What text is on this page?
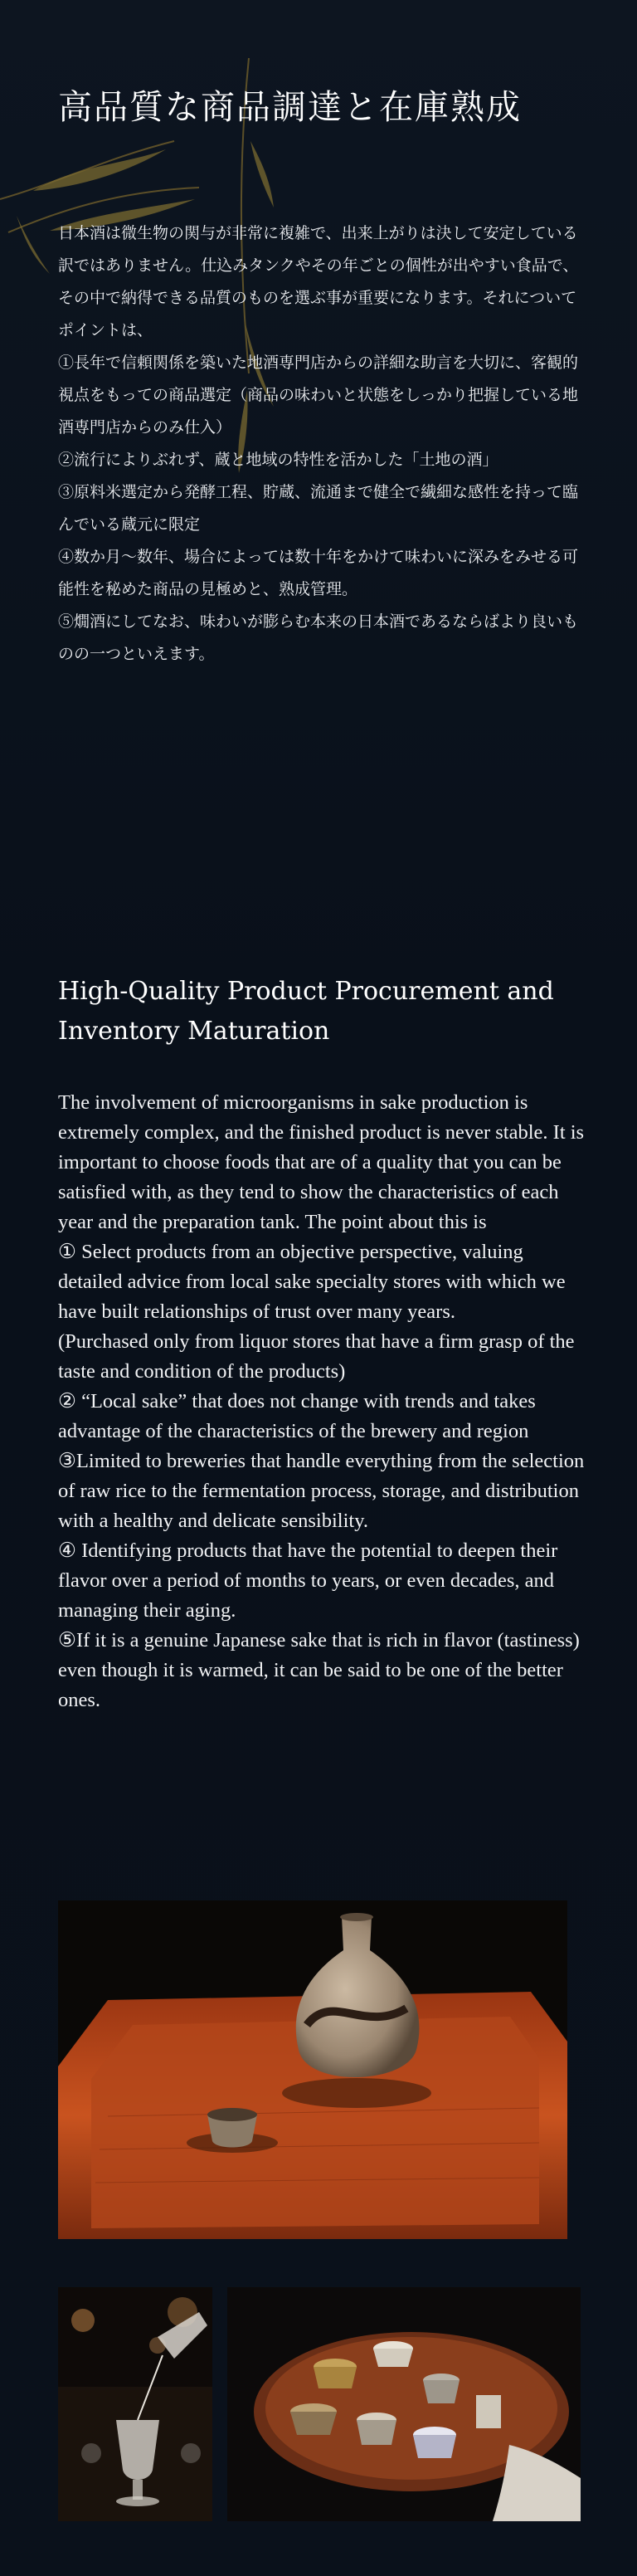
高品質な商品調達と在庫熟成

日本酒は微生物の関与が非常に複雑で、出来上がりは決して安定している訳ではありません。仕込みタンクやその年ごとの個性が出やすい食品で、その中で納得できる品質のものを選ぶ事が重要になります。それについてポイントは、

①長年で信頼関係を築いた地酒専門店からの詳細な助言を大切に、客観的視点をもっての商品選定（商品の味わいと状態をしっかり把握している地酒専門店からのみ仕入）

②流行によりぶれず、蔵と地域の特性を活かした「土地の酒」

③原料米選定から発酵工程、貯蔵、流通まで健全で繊細な感性を持って臨んでいる蔵元に限定

④数か月～数年、場合によっては数十年をかけて味わいに深みをみせる可能性を秘めた商品の見極めと、熟成管理。

⑤燗酒にしてなお、味わいが膨らむ本来の日本酒であるならばより良いものの一つといえます。

High-Quality Product Procurement and Inventory Maturation

The involvement of microorganisms in sake production is extremely complex, and the finished product is never stable. It is important to choose foods that are of a quality that you can be satisfied with, as they tend to show the characteristics of each year and the preparation tank. The point about this is

① Select products from an objective perspective, valuing detailed advice from local sake specialty stores with which we have built relationships of trust over many years.

(Purchased only from liquor stores that have a firm grasp of the taste and condition of the products)

② “Local sake” that does not change with trends and takes advantage of the characteristics of the brewery and region

③Limited to breweries that handle everything from the selection of raw rice to the fermentation process, storage, and distribution with a healthy and delicate sensibility.

④ Identifying products that have the potential to deepen their flavor over a period of months to years, or even decades, and managing their aging.

⑤If it is a genuine Japanese sake that is rich in flavor (tastiness) even though it is warmed, it can be said to be one of the better ones.
